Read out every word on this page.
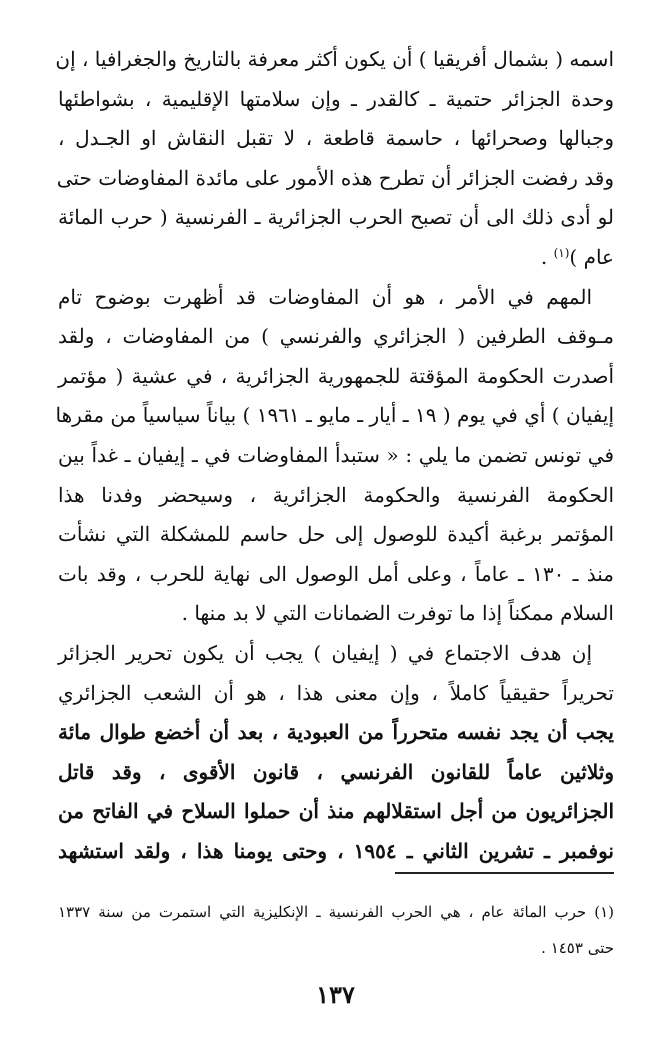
اسمه ( بشمال أفريقيا ) أن يكون أكثر معرفة بالتاريخ والجغرافيا ، إن
وحدة الجزائر حتمية ـ كالقدر ـ وإن سلامتها الإقليمية ، بشواطئها
وجبالها وصحرائها ، حاسمة قاطعة ، لا تقبل النقاش او الجـدل ،
وقد رفضت الجزائر أن تطرح هذه الأمور على مائدة المفاوضات حتى
لو أدى ذلك الى أن تصبح الحرب الجزائرية ـ الفرنسية ( حرب المائة
عام )$^{(١)}$ .

المهم في الأمر ، هو أن المفاوضات قد أظهرت بوضوح تام
مـوقف الطرفين ( الجزائري والفرنسي ) من المفاوضات ، ولقد
أصدرت الحكومة المؤقتة للجمهورية الجزائرية ، في عشية ( مؤتمر
إيفيان ) أي في يوم ( ١٩ ـ أيار ـ مايو ـ ١٩٦١ ) بياناً سياسياً من مقرها
في تونس تضمن ما يلي : « ستبدأ المفاوضات في ـ إيفيان ـ غداً بين
الحكومة الفرنسية والحكومة الجزائرية ، وسيحضر وفدنا هذا
المؤتمر برغبة أكيدة للوصول إلى حل حاسم للمشكلة التي نشأت
منذ ـ ١٣٠ ـ عاماً ، وعلى أمل الوصول الى نهاية للحرب ، وقد بات
السلام ممكناً إذا ما توفرت الضمانات التي لا بد منها .

إن هدف الاجتماع في ( إيفيان ) يجب أن يكون تحرير الجزائر
تحريراً حقيقياً كاملاً ، وإن معنى هذا ، هو أن الشعب الجزائري
يجب أن يجد نفسه متحرراً من العبودية ، بعد أن أخضع طوال مائة
وثلاثين عاماً للقانون الفرنسي ، قانون الأقوى ، وقد قاتل
الجزائريون من أجل استقلالهم منذ أن حملوا السلاح في الفاتح من
نوفمبر ـ تشرين الثاني ـ ١٩٥٤ ، وحتى يومنا هذا ، ولقد استشهد

(١) حرب المائة عام ، هي الحرب الفرنسية ـ الإنكليزية التي استمرت من سنة ١٣٣٧
حتى ١٤٥٣ .
١٣٧
